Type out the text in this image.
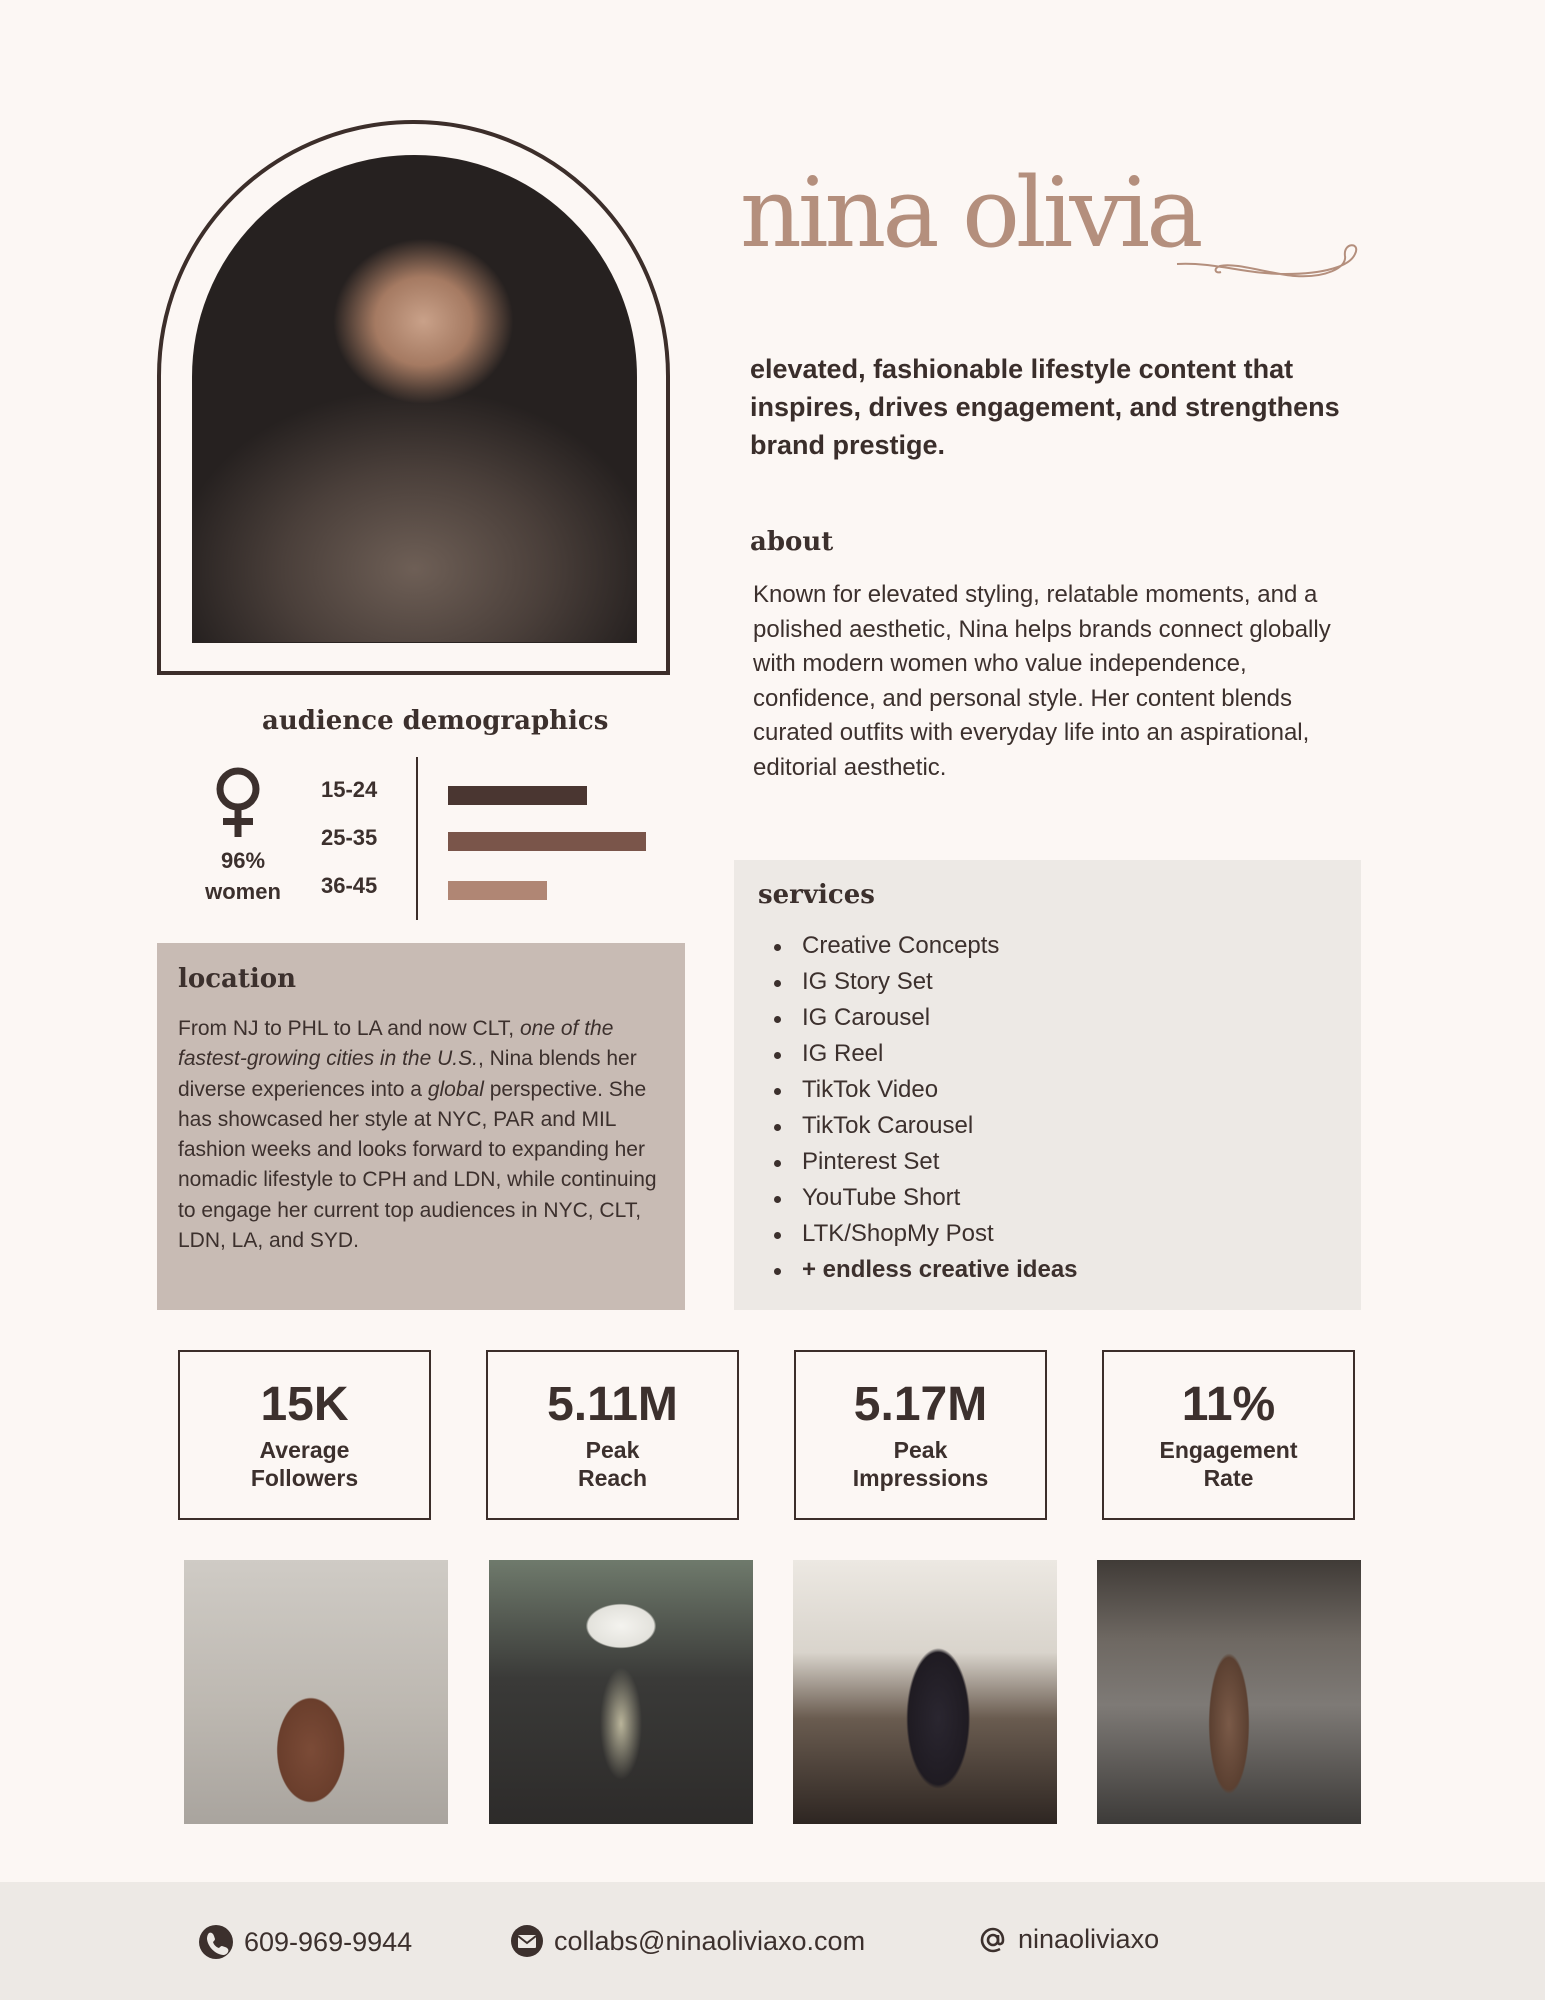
nina olivia
elevated, fashionable lifestyle content that inspires, drives engagement, and strengthens brand prestige.
about
Known for elevated styling, relatable moments, and a polished aesthetic, Nina helps brands connect globally with modern women who value independence, confidence, and personal style. Her content blends curated outfits with everyday life into an aspirational, editorial aesthetic.
audience demographics
96%
women
15-24
25-35
36-45
location
From NJ to PHL to LA and now CLT, one of the fastest-growing cities in the U.S., Nina blends her diverse experiences into a global perspective. She has showcased her style at NYC, PAR and MIL fashion weeks and looks forward to expanding her nomadic lifestyle to CPH and LDN, while continuing to engage her current top audiences in NYC, CLT, LDN, LA, and SYD.
services
Creative Concepts
IG Story Set
IG Carousel
IG Reel
TikTok Video
TikTok Carousel
Pinterest Set
YouTube Short
LTK/ShopMy Post
+ endless creative ideas
15K
Average Followers
5.11M
Peak Reach
5.17M
Peak Impressions
11%
Engagement Rate
609-969-9944	collabs@ninaoliviaxo.com	ninaoliviaxo
